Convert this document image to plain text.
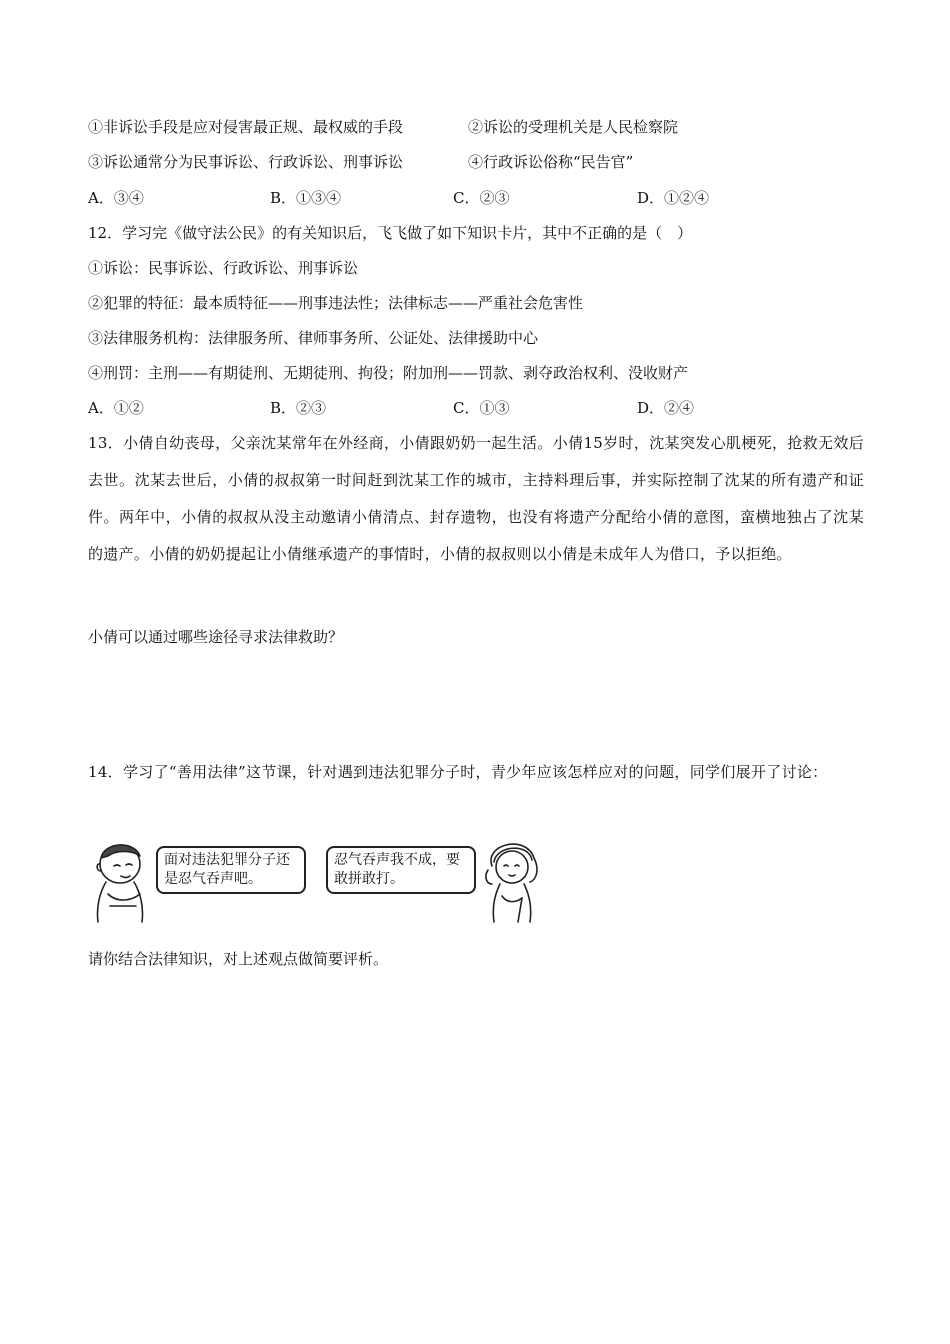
①非诉讼手段是应对侵害最正规、最权威的手段	②诉讼的受理机关是人民检察院
③诉讼通常分为民事诉讼、行政诉讼、刑事诉讼	④行政诉讼俗称“民告官”
A．③④	B．①③④	C．②③	D．①②④
12．学习完《做守法公民》的有关知识后，飞飞做了如下知识卡片，其中不正确的是（　）
①诉讼：民事诉讼、行政诉讼、刑事诉讼
②犯罪的特征：最本质特征——刑事违法性；法律标志——严重社会危害性
③法律服务机构：法律服务所、律师事务所、公证处、法律援助中心
④刑罚：主刑——有期徒刑、无期徒刑、拘役；附加刑——罚款、剥夺政治权利、没收财产
A．①②	B．②③	C．①③	D．②④
13．小倩自幼丧母，父亲沈某常年在外经商，小倩跟奶奶一起生活。小倩15岁时，沈某突发心肌梗死，抢救无效后去世。沈某去世后，小倩的叔叔第一时间赶到沈某工作的城市，主持料理后事，并实际控制了沈某的所有遗产和证件。两年中，小倩的叔叔从没主动邀请小倩清点、封存遗物，也没有将遗产分配给小倩的意图，蛮横地独占了沈某的遗产。小倩的奶奶提起让小倩继承遗产的事情时，小倩的叔叔则以小倩是未成年人为借口，予以拒绝。
小倩可以通过哪些途径寻求法律救助？
14．学习了“善用法律”这节课，针对遇到违法犯罪分子时，青少年应该怎样应对的问题，同学们展开了讨论：
面对违法犯罪分子还是忍气吞声吧。
忍气吞声我不成，要敢拼敢打。
请你结合法律知识，对上述观点做简要评析。
